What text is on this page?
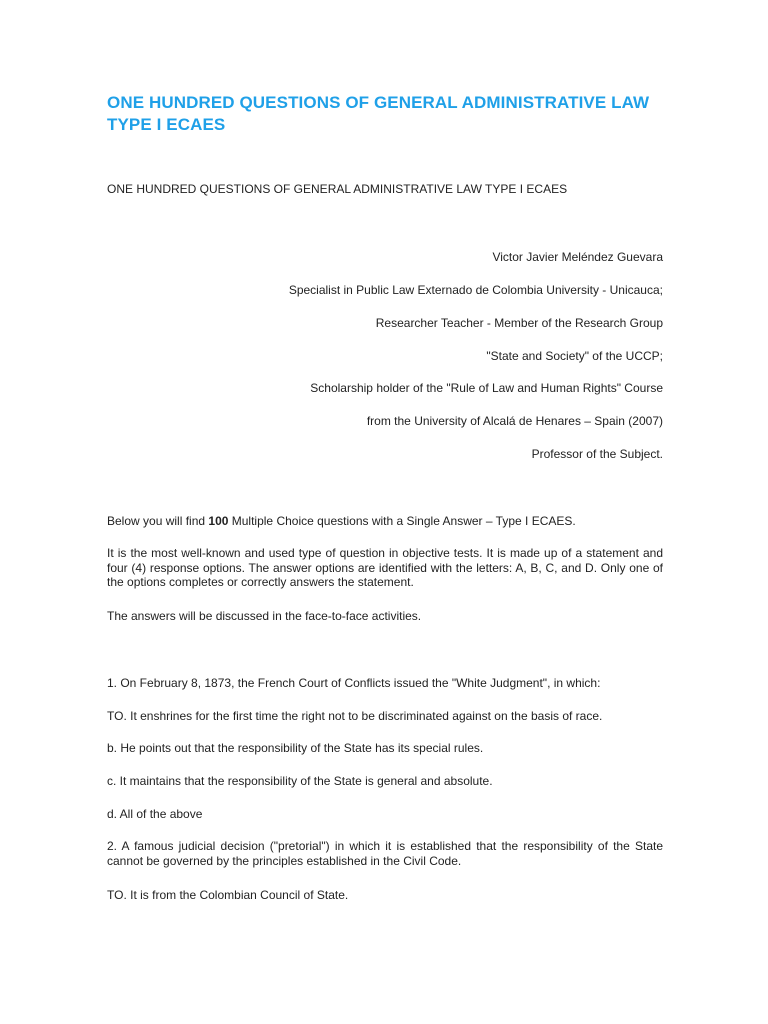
ONE HUNDRED QUESTIONS OF GENERAL ADMINISTRATIVE LAW TYPE I ECAES

ONE HUNDRED QUESTIONS OF GENERAL ADMINISTRATIVE LAW TYPE I ECAES

Victor Javier Meléndez Guevara

Specialist in Public Law Externado de Colombia University - Unicauca;

Researcher Teacher - Member of the Research Group

"State and Society" of the UCCP;

Scholarship holder of the "Rule of Law and Human Rights" Course

from the University of Alcalá de Henares – Spain (2007)

Professor of the Subject.

Below you will find 100 Multiple Choice questions with a Single Answer – Type I ECAES.

It is the most well-known and used type of question in objective tests. It is made up of a statement and four (4) response options. The answer options are identified with the letters: A, B, C, and D. Only one of the options completes or correctly answers the statement.

The answers will be discussed in the face-to-face activities.

1. On February 8, 1873, the French Court of Conflicts issued the "White Judgment", in which:

TO. It enshrines for the first time the right not to be discriminated against on the basis of race.

b. He points out that the responsibility of the State has its special rules.

c. It maintains that the responsibility of the State is general and absolute.

d. All of the above

2. A famous judicial decision ("pretorial") in which it is established that the responsibility of the State cannot be governed by the principles established in the Civil Code.

TO. It is from the Colombian Council of State.
